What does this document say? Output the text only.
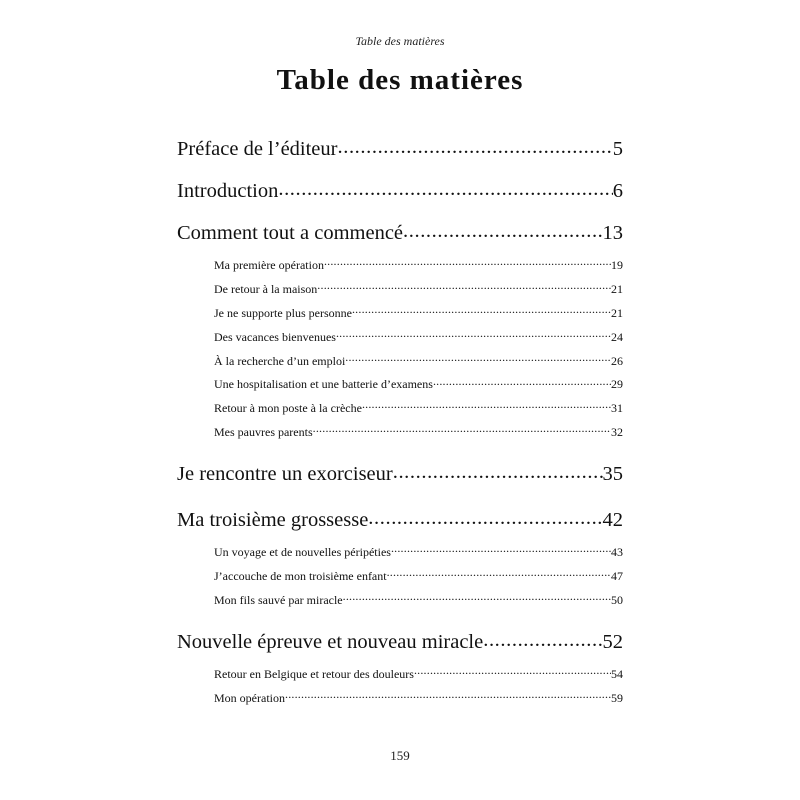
Table des matières
Table des matières
Préface de l’éditeur .....	5
Introduction .....	6
Comment tout a commencé .....	13
Ma première opération .....	19
De retour à la maison .....	21
Je ne supporte plus personne .....	21
Des vacances bienvenues .....	24
À la recherche d’un emploi .....	26
Une hospitalisation et une batterie d’examens .....	29
Retour à mon poste à la crèche .....	31
Mes pauvres parents .....	32
Je rencontre un exorciseur .....	35
Ma troisième grossesse .....	42
Un voyage et de nouvelles péripéties .....	43
J’accouche de mon troisième enfant .....	47
Mon fils sauvé par miracle .....	50
Nouvelle épreuve et nouveau miracle .....	52
Retour en Belgique et retour des douleurs .....	54
Mon opération .....	59
159
